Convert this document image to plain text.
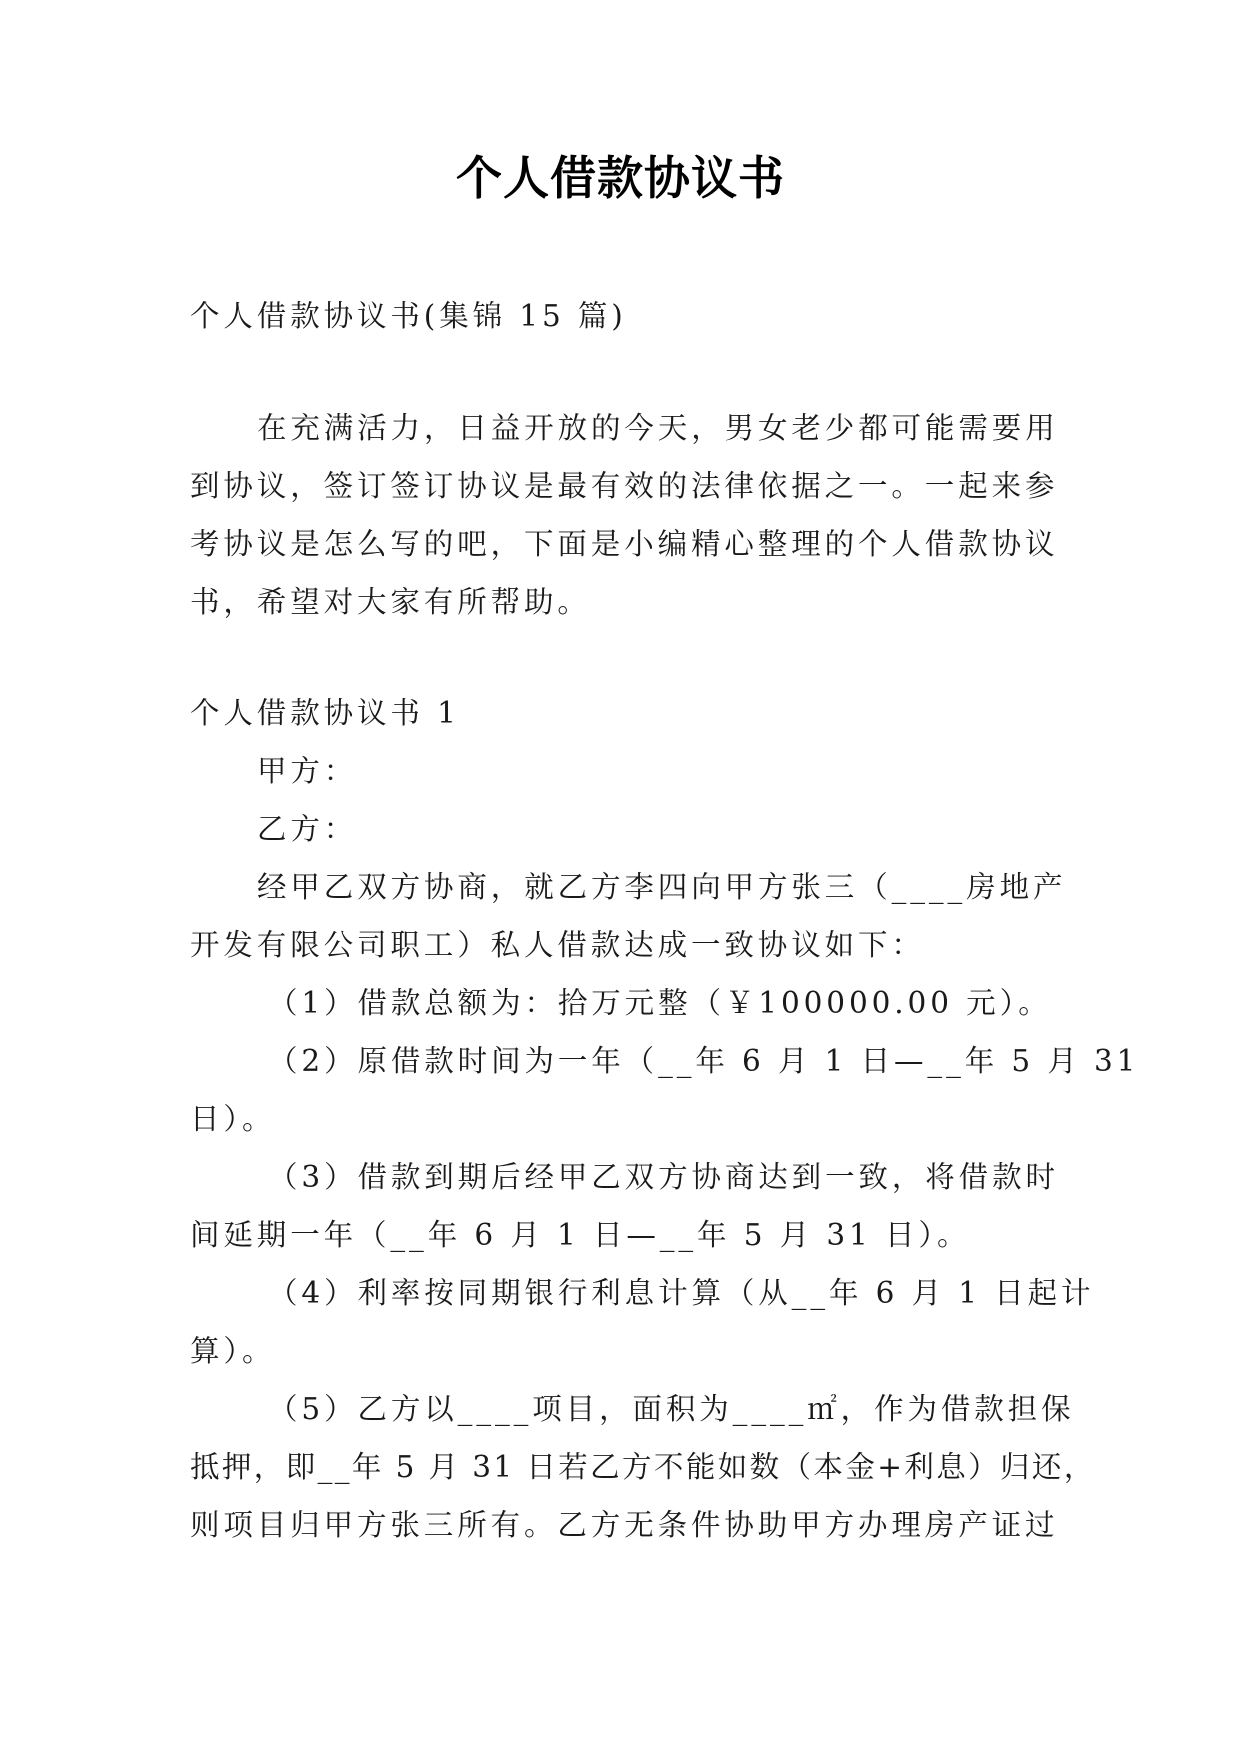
个人借款协议书
个人借款协议书(集锦 15 篇)
在充满活力，日益开放的今天，男女老少都可能需要用
到协议，签订签订协议是最有效的法律依据之一。一起来参
考协议是怎么写的吧，下面是小编精心整理的个人借款协议
书，希望对大家有所帮助。
个人借款协议书 1
甲方：
乙方：
经甲乙双方协商，就乙方李四向甲方张三（____房地产
开发有限公司职工）私人借款达成一致协议如下：
（1）借款总额为：拾万元整（￥100000.00 元）。
（2）原借款时间为一年（__年 6 月 1 日—__年 5 月 31
日）。
（3）借款到期后经甲乙双方协商达到一致，将借款时
间延期一年（__年 6 月 1 日—__年 5 月 31 日）。
（4）利率按同期银行利息计算（从__年 6 月 1 日起计
算）。
（5）乙方以____项目，面积为____㎡，作为借款担保
抵押，即__年 5 月 31 日若乙方不能如数（本金+利息）归还，
则项目归甲方张三所有。乙方无条件协助甲方办理房产证过
